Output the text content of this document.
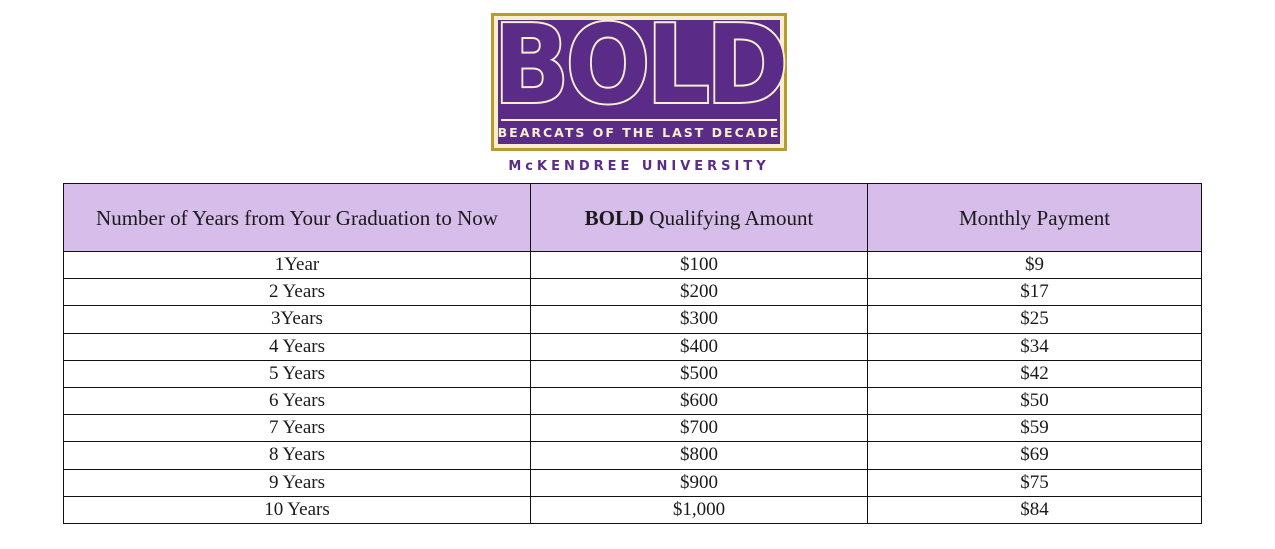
BOLD
BEARCATS OF THE LAST DECADE
McKENDREE UNIVERSITY
Number of Years from Your Graduation to Now	BOLD Qualifying Amount	Monthly Payment
1Year	$100	$9
2 Years	$200	$17
3Years	$300	$25
4 Years	$400	$34
5 Years	$500	$42
6 Years	$600	$50
7 Years	$700	$59
8 Years	$800	$69
9 Years	$900	$75
10 Years	$1,000	$84
